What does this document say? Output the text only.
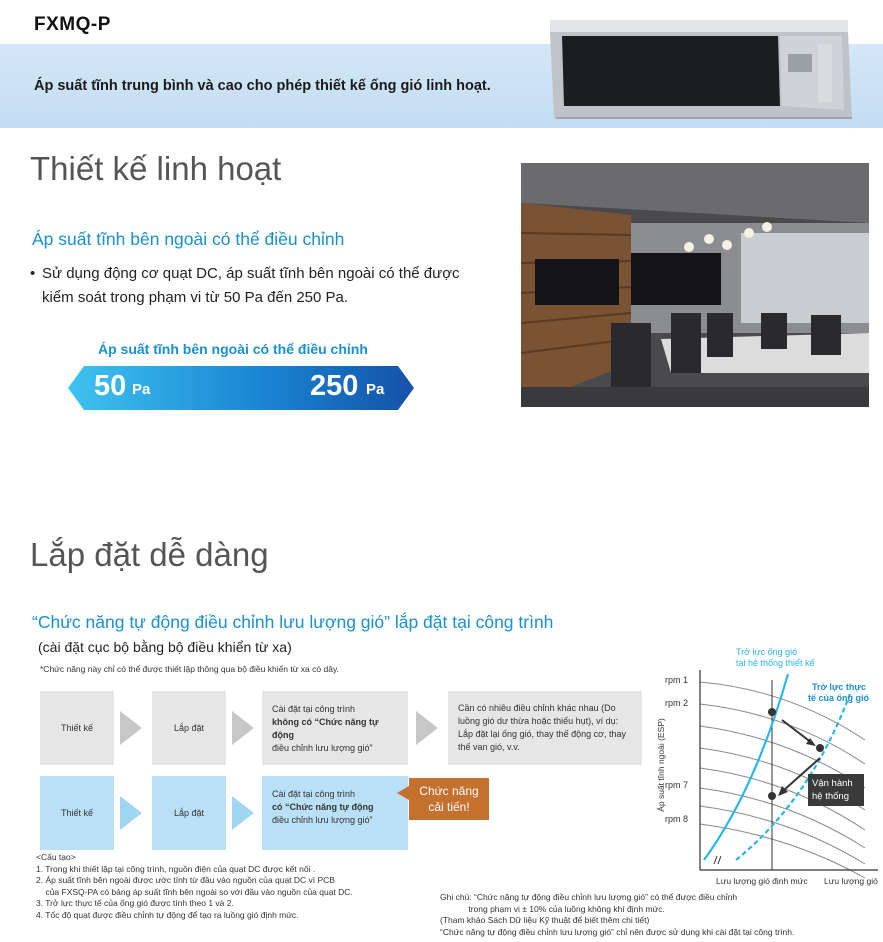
FXMQ-P
Áp suất tĩnh trung bình và cao cho phép thiết kế ống gió linh hoạt.
Thiết kế linh hoạt
Áp suất tĩnh bên ngoài có thể điều chỉnh
• Sử dụng động cơ quạt DC, áp suất tĩnh bên ngoài có thể được kiểm soát trong phạm vi từ 50 Pa đến 250 Pa.
Áp suất tĩnh bên ngoài có thể điều chỉnh
50 Pa	250 Pa
Lắp đặt dễ dàng
“Chức năng tự động điều chỉnh lưu lượng gió” lắp đặt tại công trình
(cài đặt cục bộ bằng bộ điều khiển từ xa)
*Chức năng này chỉ có thể được thiết lập thông qua bộ điều khiển từ xa có dây.
Thiết kế	Lắp đặt
Cài đặt tại công trình
không có “Chức năng tự động
điều chỉnh lưu lượng gió”
Cần có nhiều điều chỉnh khác nhau (Do luồng gió dư thừa hoặc thiếu hụt), ví dụ: Lắp đặt lại ống gió, thay thế động cơ, thay thế van gió, v.v.
Thiết kế	Lắp đặt
Cài đặt tại công trình
có “Chức năng tự động
điều chỉnh lưu lượng gió”
Chức năng
cải tiến!
<Cấu tạo>
1. Trong khi thiết lập tại công trình, nguồn điện của quạt DC được kết nối .
2. Áp suất tĩnh bên ngoài được ước tính từ đầu vào nguồn của quạt DC vì PCB
của FXSQ-PA có bảng áp suất tĩnh bên ngoài so với đầu vào nguồn của quạt DC.
3. Trở lực thực tế của ống gió được tính theo 1 và 2.
4. Tốc độ quạt được điều chỉnh tự động để tạo ra luồng gió định mức.
Ghi chú: “Chức năng tự động điều chỉnh lưu lượng gió” có thể được điều chỉnh
trong phạm vi ± 10% của luồng không khí định mức.
(Tham khảo Sách Dữ liệu Kỹ thuật để biết thêm chi tiết)
“Chức năng tự động điều chỉnh lưu lượng gió” chỉ nên được sử dụng khi cài đặt tại công trình.
Trở lực ống gió
tại hệ thống thiết kế
Trở lực thực
tế của ống gió
rpm 1
rpm 2
rpm 7
rpm 8
Vận hành
hệ thống
Áp suất tĩnh ngoài (ESP)
Lưu lượng gió định mức Lưu lượng gió
